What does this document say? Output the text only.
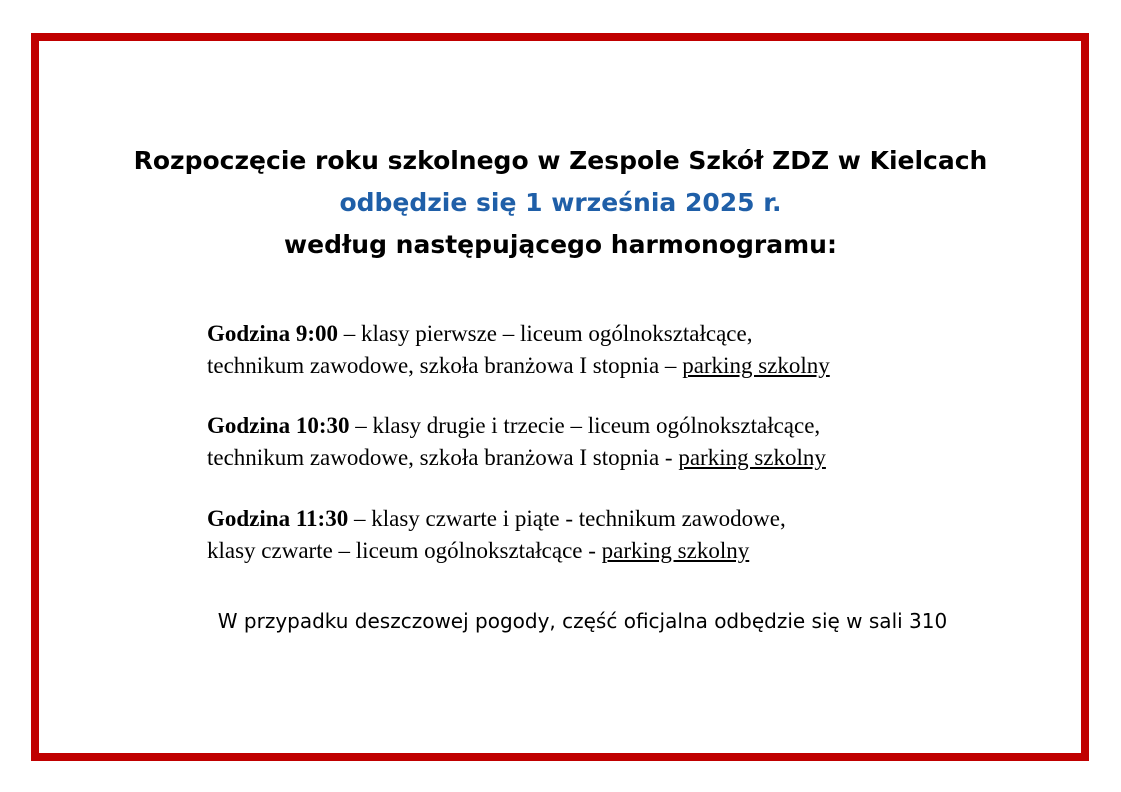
Rozpoczęcie roku szkolnego w Zespole Szkół ZDZ w Kielcach
odbędzie się 1 września 2025 r.
według następującego harmonogramu:
Godzina 9:00 – klasy pierwsze – liceum ogólnokształcące,
technikum zawodowe, szkoła branżowa I stopnia – parking szkolny
Godzina 10:30 – klasy drugie i trzecie – liceum ogólnokształcące,
technikum zawodowe, szkoła branżowa I stopnia - parking szkolny
Godzina 11:30 – klasy czwarte i piąte - technikum zawodowe,
klasy czwarte – liceum ogólnokształcące - parking szkolny
W przypadku deszczowej pogody, część oficjalna odbędzie się w sali 310
